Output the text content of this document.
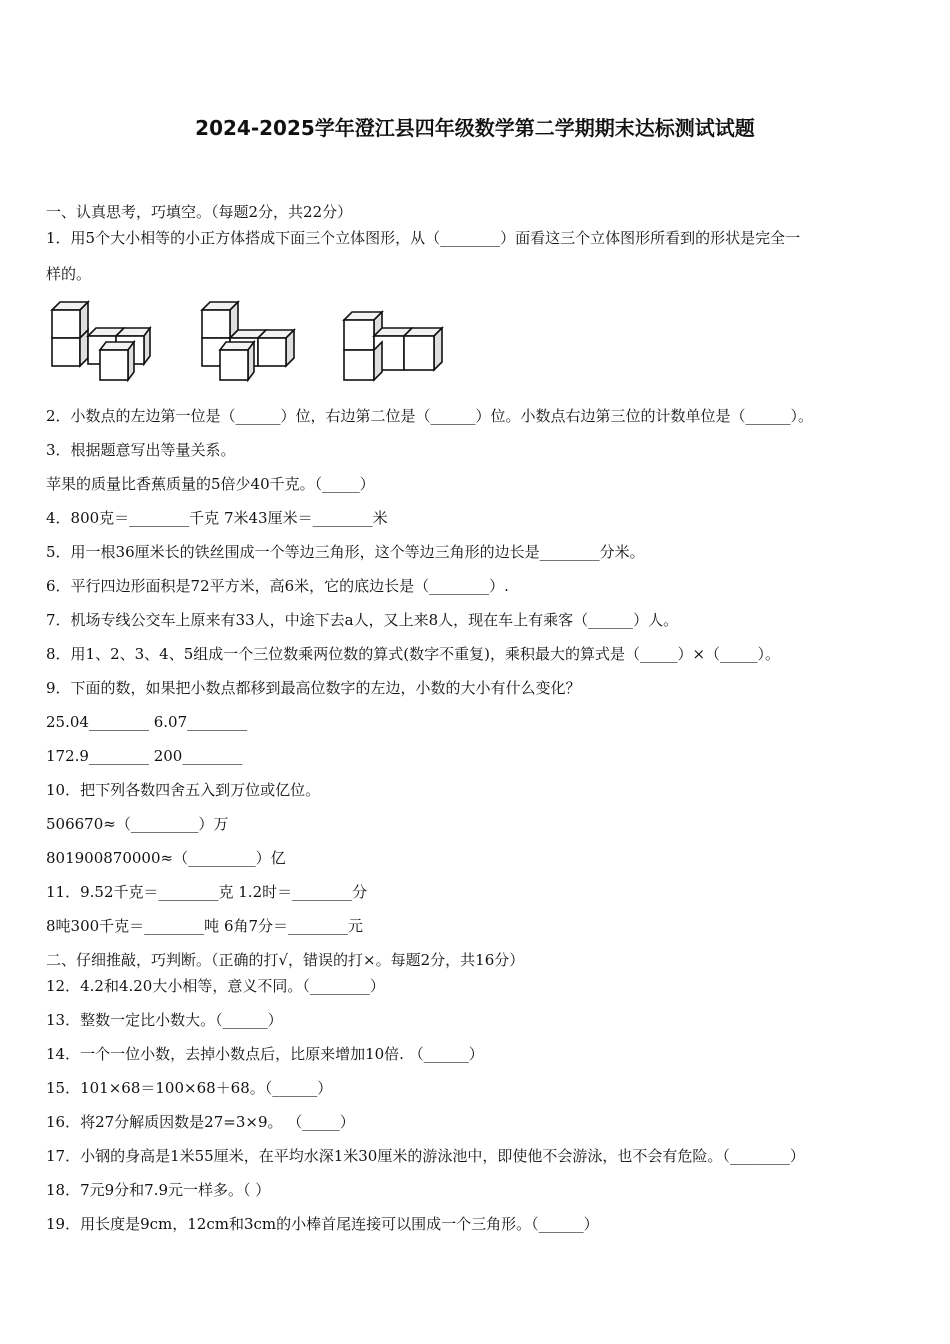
2024-2025学年澄江县四年级数学第二学期期末达标测试试题
一、认真思考，巧填空。（每题2分，共22分）
1．用5个大小相等的小正方体搭成下面三个立体图形，从（________）面看这三个立体图形所看到的形状是完全一
样的。
2．小数点的左边第一位是（______）位，右边第二位是（______）位。小数点右边第三位的计数单位是（______）。
3．根据题意写出等量关系。
苹果的质量比香蕉质量的5倍少40千克。（_____）
4．800克＝________千克 7米43厘米＝________米
5．用一根36厘米长的铁丝围成一个等边三角形，这个等边三角形的边长是________分米。
6．平行四边形面积是72平方米，高6米，它的底边长是（________）.
7．机场专线公交车上原来有33人，中途下去a人，又上来8人，现在车上有乘客（______）人。
8．用1、2、3、4、5组成一个三位数乘两位数的算式(数字不重复)，乘积最大的算式是（_____）×（_____）。
9．下面的数，如果把小数点都移到最高位数字的左边，小数的大小有什么变化？
25.04________ 6.07________
172.9________ 200________
10．把下列各数四舍五入到万位或亿位。
506670≈（_________）万
801900870000≈（_________）亿
11．9.52千克＝________克 1.2时＝________分
8吨300千克＝________吨 6角7分＝________元
二、仔细推敲，巧判断。（正确的打√，错误的打×。每题2分，共16分）
12．4.2和4.20大小相等，意义不同。（________）
13．整数一定比小数大。（______）
14．一个一位小数，去掉小数点后，比原来增加10倍. （______）
15．101×68＝100×68＋68。（______）
16．将27分解质因数是27=3×9。 （_____）
17．小钢的身高是1米55厘米，在平均水深1米30厘米的游泳池中，即使他不会游泳，也不会有危险。（________）
18．7元9分和7.9元一样多。（ ）
19．用长度是9cm，12cm和3cm的小棒首尾连接可以围成一个三角形。（______）
